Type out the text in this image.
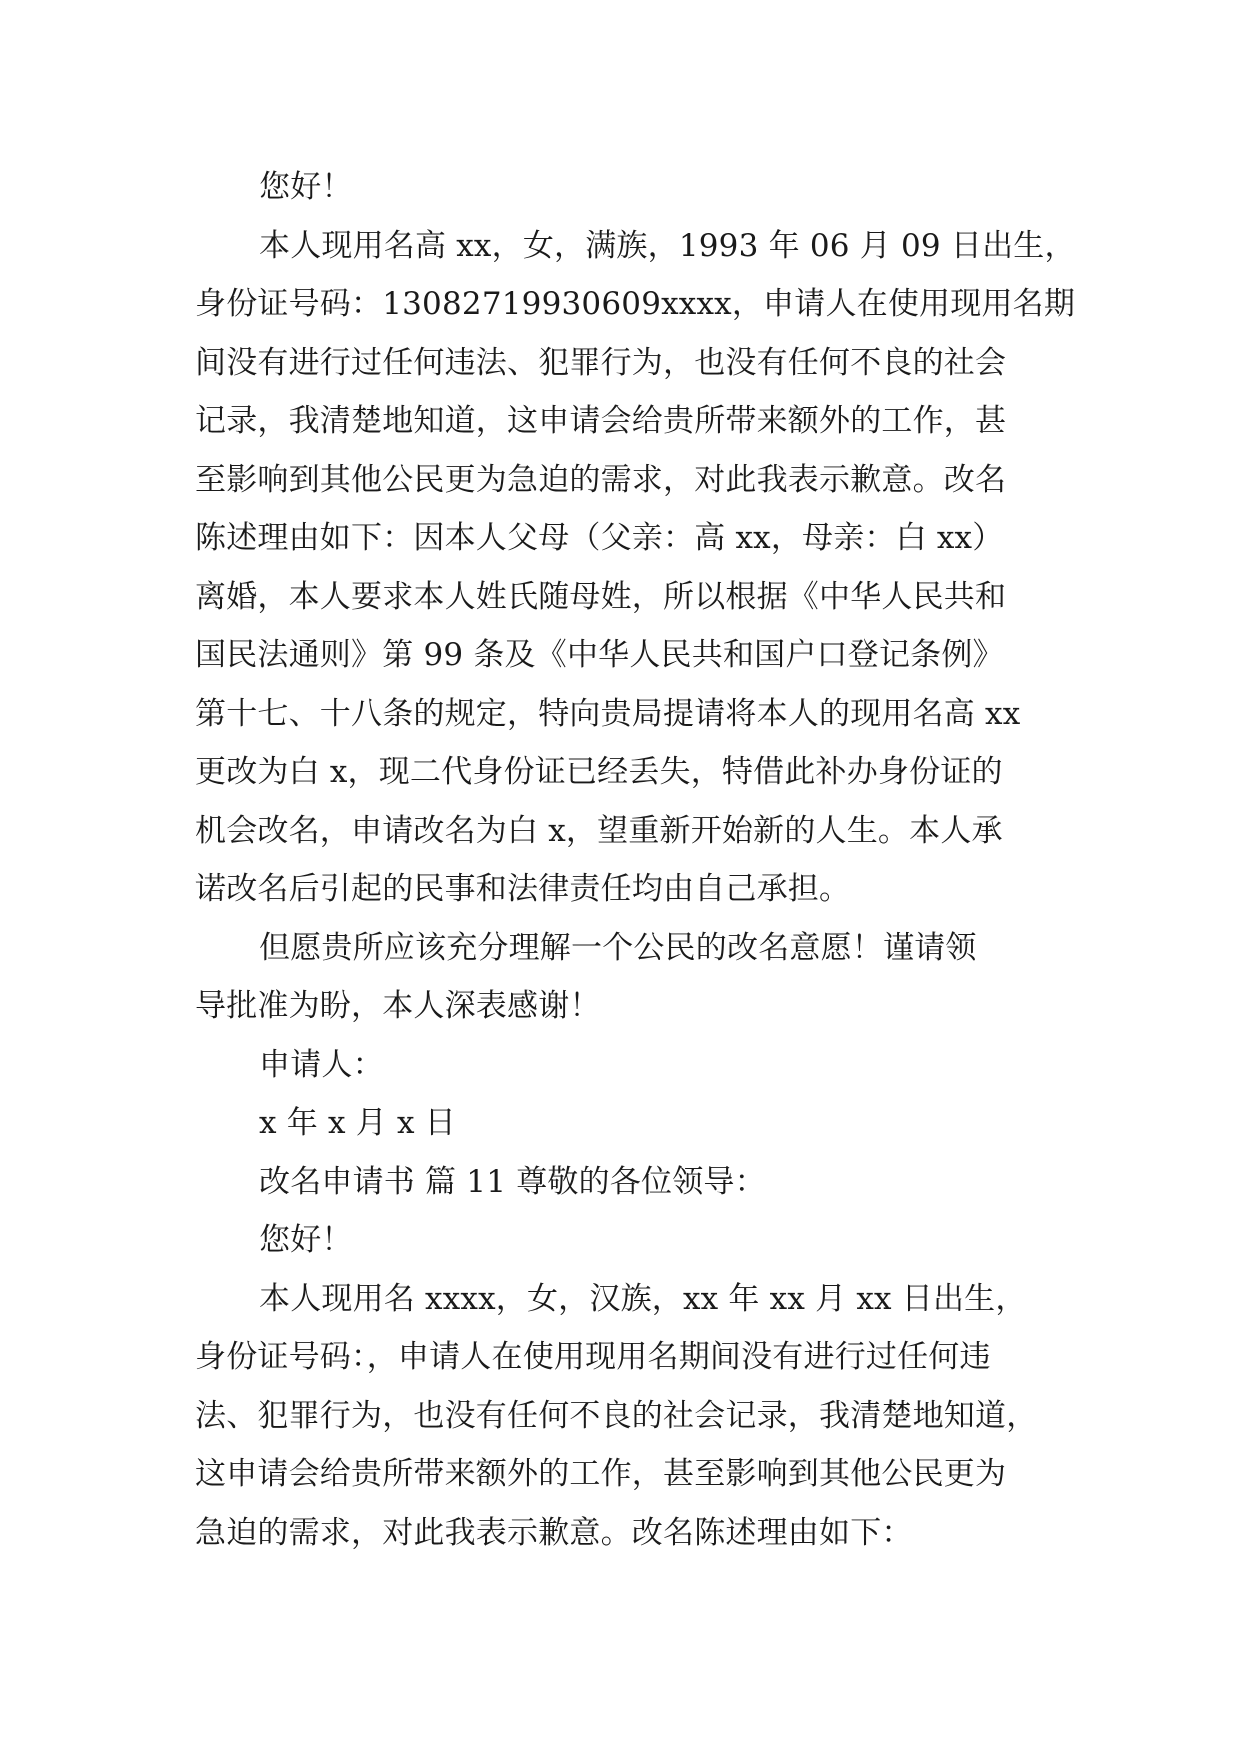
您好！
本人现用名高 xx，女，满族，1993 年 06 月 09 日出生，
身份证号码：13082719930609xxxx，申请人在使用现用名期
间没有进行过任何违法、犯罪行为，也没有任何不良的社会
记录，我清楚地知道，这申请会给贵所带来额外的工作，甚
至影响到其他公民更为急迫的需求，对此我表示歉意。改名
陈述理由如下：因本人父母（父亲：高 xx，母亲：白 xx）
离婚，本人要求本人姓氏随母姓，所以根据《中华人民共和
国民法通则》第 99 条及《中华人民共和国户口登记条例》
第十七、十八条的规定，特向贵局提请将本人的现用名高 xx
更改为白 x，现二代身份证已经丢失，特借此补办身份证的
机会改名，申请改名为白 x，望重新开始新的人生。本人承
诺改名后引起的民事和法律责任均由自己承担。
但愿贵所应该充分理解一个公民的改名意愿！谨请领
导批准为盼，本人深表感谢！
申请人：
x 年 x 月 x 日
改名申请书 篇 11 尊敬的各位领导：
您好！
本人现用名 xxxx，女，汉族，xx 年 xx 月 xx 日出生，
身份证号码：，申请人在使用现用名期间没有进行过任何违
法、犯罪行为，也没有任何不良的社会记录，我清楚地知道，
这申请会给贵所带来额外的工作，甚至影响到其他公民更为
急迫的需求，对此我表示歉意。改名陈述理由如下：
